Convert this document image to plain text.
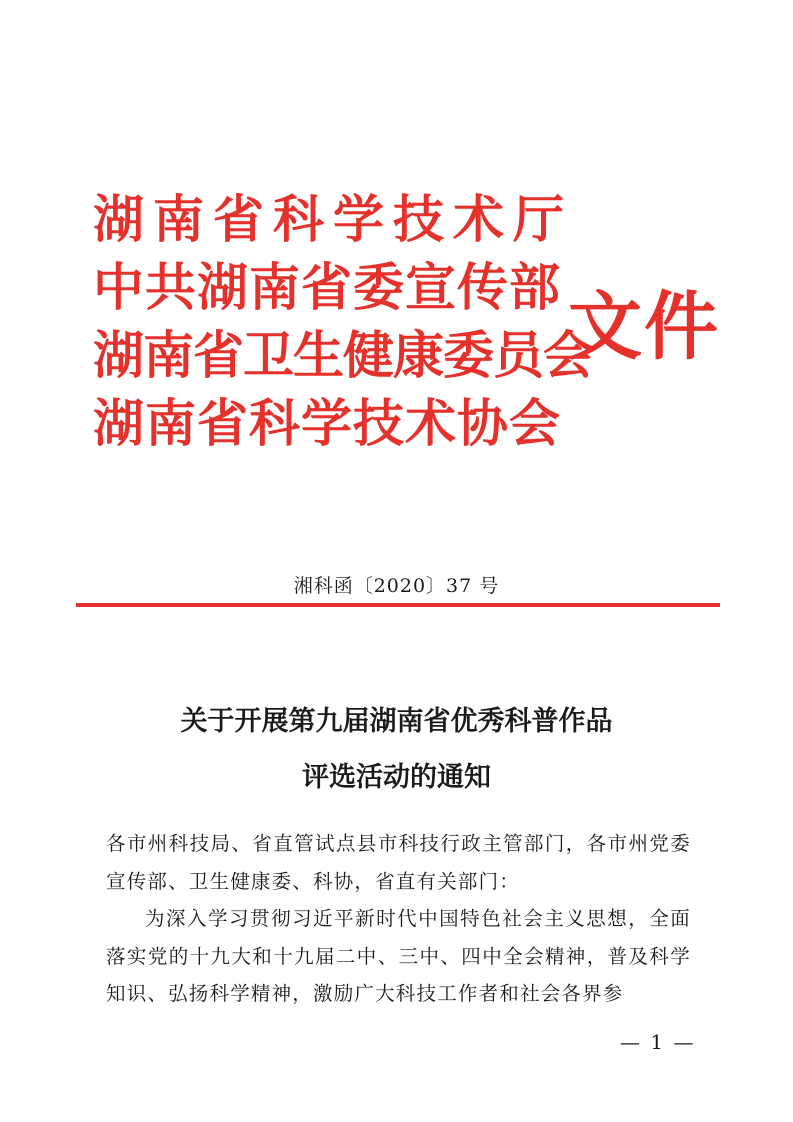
湖南省科学技术厅
中共湖南省委宣传部
湖南省卫生健康委员会
湖南省科学技术协会
文件
湘科函〔2020〕37 号
关于开展第九届湖南省优秀科普作品
评选活动的通知

各市州科技局、省直管试点县市科技行政主管部门，各市州党委宣传部、卫生健康委、科协，省直有关部门：

为深入学习贯彻习近平新时代中国特色社会主义思想，全面落实党的十九大和十九届二中、三中、四中全会精神，普及科学知识、弘扬科学精神，激励广大科技工作者和社会各界参

— 1 —
